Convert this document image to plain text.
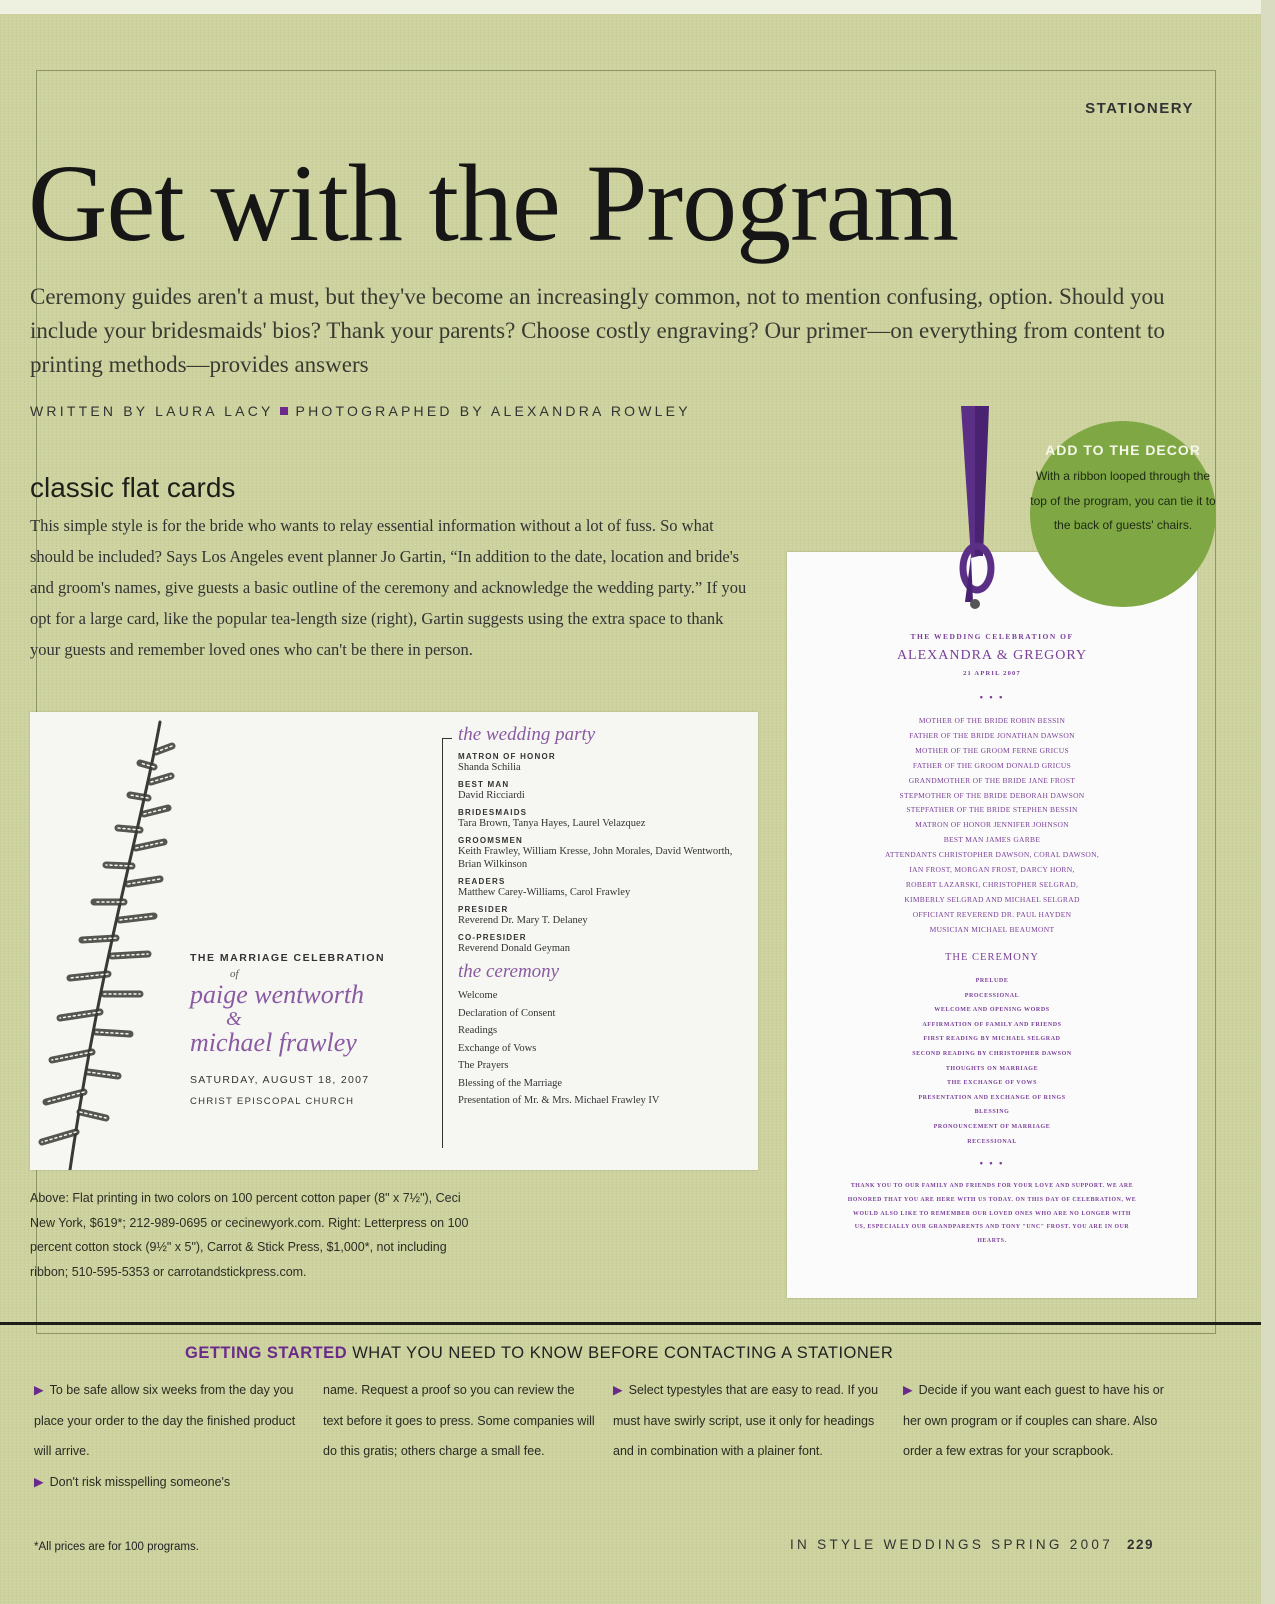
STATIONERY
Get with the Program

Ceremony guides aren't a must, but they've become an increasingly common, not to mention confusing, option. Should you include your bridesmaids' bios? Thank your parents? Choose costly engraving? Our primer—on everything from content to printing methods—provides answers

WRITTEN BY LAURA LACY PHOTOGRAPHED BY ALEXANDRA ROWLEY
classic flat cards

This simple style is for the bride who wants to relay essential information without a lot of fuss. So what should be included? Says Los Angeles event planner Jo Gartin, “In addition to the date, location and bride's and groom's names, give guests a basic outline of the ceremony and acknowledge the wedding party.” If you opt for a large card, like the popular tea-length size (right), Gartin suggests using the extra space to thank your guests and remember loved ones who can't be there in person.

THE MARRIAGE CELEBRATION
of
paige wentworth
&
michael frawley
SATURDAY, AUGUST 18, 2007
CHRIST EPISCOPAL CHURCH
the wedding party
MATRON OF HONOR
Shanda Schilia
BEST MAN
David Ricciardi
BRIDESMAIDS
Tara Brown, Tanya Hayes, Laurel Velazquez
GROOMSMEN
Keith Frawley, William Kresse, John Morales, David Wentworth, Brian Wilkinson
READERS
Matthew Carey-Williams, Carol Frawley
PRESIDER
Reverend Dr. Mary T. Delaney
CO-PRESIDER
Reverend Donald Geyman
the ceremony
Welcome
Declaration of Consent
Readings
Exchange of Vows
The Prayers
Blessing of the Marriage
Presentation of Mr. & Mrs. Michael Frawley IV

Above: Flat printing in two colors on 100 percent cotton paper (8" x 7½"), Ceci New York, $619*; 212-989-0695 or cecinewyork.com. Right: Letterpress on 100 percent cotton stock (9½" x 5"), Carrot & Stick Press, $1,000*, not including ribbon; 510-595-5353 or carrotandstickpress.com.

THE WEDDING CELEBRATION OF
ALEXANDRA & GREGORY
21 APRIL 2007
• • •
MOTHER OF THE BRIDE ROBIN BESSIN
FATHER OF THE BRIDE JONATHAN DAWSON
MOTHER OF THE GROOM FERNE GRICUS
FATHER OF THE GROOM DONALD GRICUS
GRANDMOTHER OF THE BRIDE JANE FROST
STEPMOTHER OF THE BRIDE DEBORAH DAWSON
STEPFATHER OF THE BRIDE STEPHEN BESSIN
MATRON OF HONOR JENNIFER JOHNSON
BEST MAN JAMES GARBE
ATTENDANTS CHRISTOPHER DAWSON, CORAL DAWSON,
IAN FROST, MORGAN FROST, DARCY HORN,
ROBERT LAZARSKI, CHRISTOPHER SELGRAD,
KIMBERLY SELGRAD AND MICHAEL SELGRAD
OFFICIANT REVEREND DR. PAUL HAYDEN
MUSICIAN MICHAEL BEAUMONT
THE CEREMONY
PRELUDE
PROCESSIONAL
WELCOME AND OPENING WORDS
AFFIRMATION OF FAMILY AND FRIENDS
FIRST READING BY MICHAEL SELGRAD
SECOND READING BY CHRISTOPHER DAWSON
THOUGHTS ON MARRIAGE
THE EXCHANGE OF VOWS
PRESENTATION AND EXCHANGE OF RINGS
BLESSING
PRONOUNCEMENT OF MARRIAGE
RECESSIONAL
• • •
THANK YOU TO OUR FAMILY AND FRIENDS FOR YOUR LOVE AND SUPPORT. WE ARE HONORED THAT YOU ARE HERE WITH US TODAY. ON THIS DAY OF CELEBRATION, WE WOULD ALSO LIKE TO REMEMBER OUR LOVED ONES WHO ARE NO LONGER WITH US, ESPECIALLY OUR GRANDPARENTS AND TONY "UNC" FROST. YOU ARE IN OUR HEARTS.
ADD TO THE DECOR
With a ribbon looped through the top of the program, you can tie it to the back of guests' chairs.
GETTING STARTED WHAT YOU NEED TO KNOW BEFORE CONTACTING A STATIONER
▶ To be safe allow six weeks from the day you place your order to the day the finished product will arrive.
▶ Don't risk misspelling someone's
name. Request a proof so you can review the text before it goes to press. Some companies will do this gratis; others charge a small fee.
▶ Select typestyles that are easy to read. If you must have swirly script, use it only for headings and in combination with a plainer font.
▶ Decide if you want each guest to have his or her own program or if couples can share. Also order a few extras for your scrapbook.
*All prices are for 100 programs.	IN STYLE WEDDINGS SPRING 2007 229
